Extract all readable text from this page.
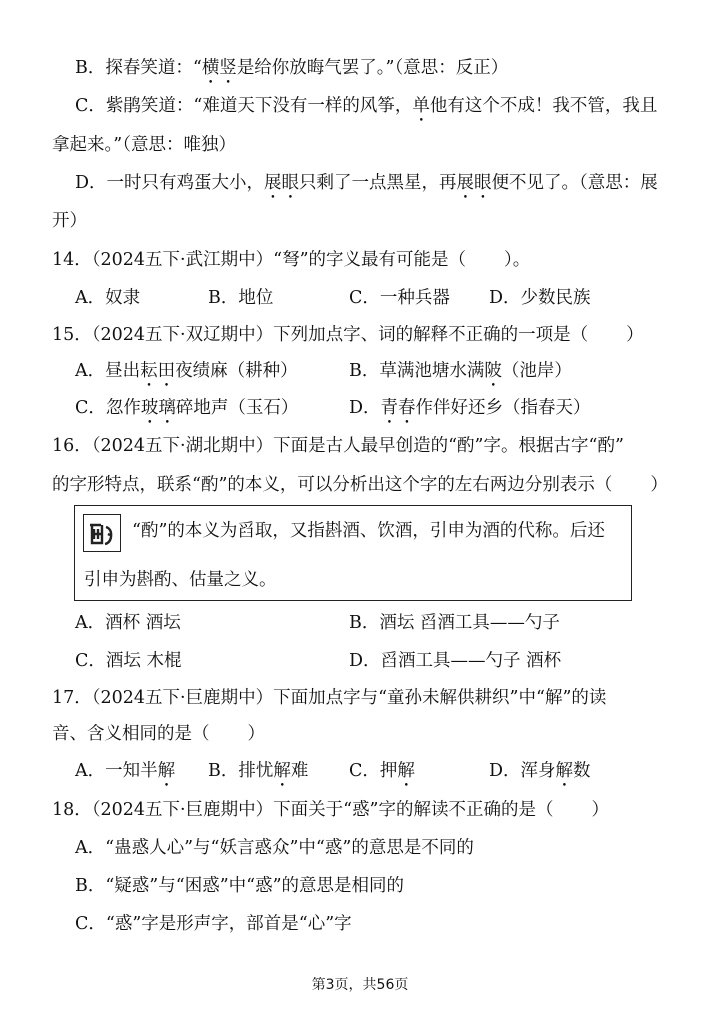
B．探春笑道：“横竖是给你放晦气罢了。”（意思：反正）
C．紫鹃笑道：“难道天下没有一样的风筝，单他有这个不成！我不管，我且
拿起来。”（意思：唯独）
D．一时只有鸡蛋大小，展眼只剩了一点黑星，再展眼便不见了。（意思：展
开）
14．（2024五下·武江期中）“弩”的字义最有可能是（ ）。
A．奴隶	B．地位	C．一种兵器 D．少数民族
15．（2024五下·双辽期中）下列加点字、词的解释不正确的一项是（ ）
A．昼出耘田夜绩麻（耕种）	B．草满池塘水满陂（池岸）
C．忽作玻璃碎地声（玉石）	D．青春作伴好还乡（指春天）
16．（2024五下·湖北期中）下面是古人最早创造的“酌”字。根据古字“酌”
的字形特点，联系“酌”的本义，可以分析出这个字的左右两边分别表示（ ）
“酌”的本义为舀取，又指斟酒、饮酒，引申为酒的代称。后还
引申为斟酌、估量之义。
A．酒杯 酒坛	B．酒坛 舀酒工具——勺子
C．酒坛 木棍	D．舀酒工具——勺子 酒杯
17．（2024五下·巨鹿期中）下面加点字与“童孙未解供耕织”中“解”的读
音、含义相同的是（ ）
A．一知半解 B．排忧解难 C．押解	D．浑身解数
18．（2024五下·巨鹿期中）下面关于“惑”字的解读不正确的是（ ）
A．“蛊惑人心”与“妖言惑众”中“惑”的意思是不同的
B．“疑惑”与“困惑”中“惑”的意思是相同的
C．“惑”字是形声字，部首是“心”字
第3页，共56页
